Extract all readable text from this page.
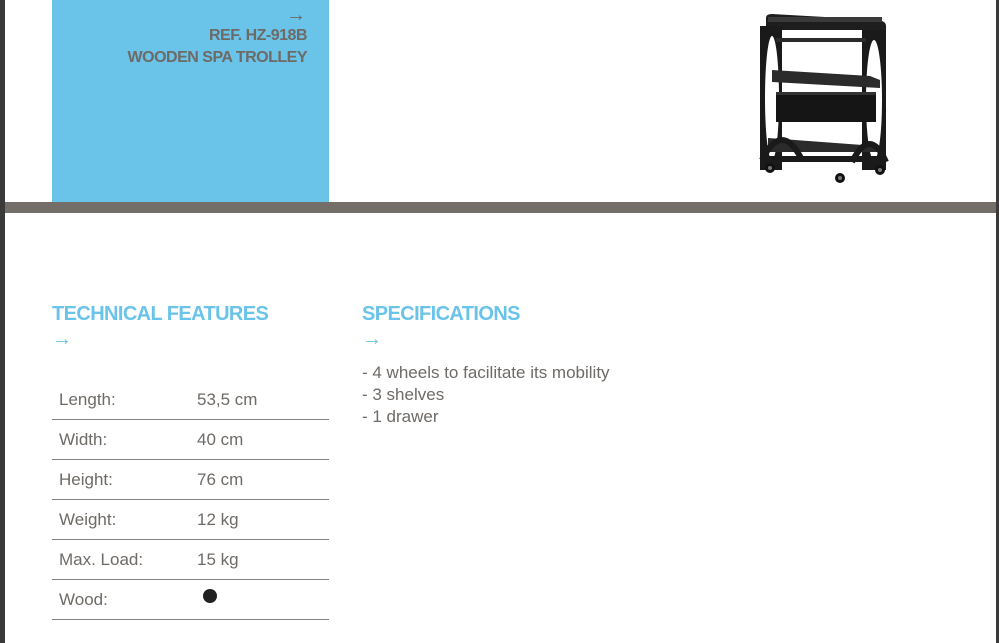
→
REF. HZ-918B
WOODEN SPA TROLLEY
TECHNICAL FEATURES
→
Length:	53,5 cm
Width:	40 cm
Height:	76 cm
Weight:	12 kg
Max. Load:	15 kg
Wood:
SPECIFICATIONS
→
- 4 wheels to facilitate its mobility
- 3 shelves
- 1 drawer
